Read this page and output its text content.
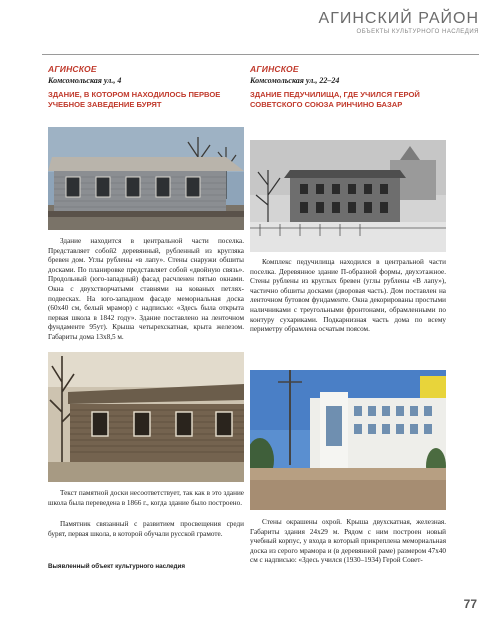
АГИНСКИЙ РАЙОН
ОБЪЕКТЫ КУЛЬТУРНОГО НАСЛЕДИЯ
АГИНСКОЕ
Комсомольская ул., 4
ЗДАНИЕ, В КОТОРОМ НАХОДИЛОСЬ ПЕРВОЕ УЧЕБНОЕ ЗАВЕДЕНИЕ БУРЯТ
АГИНСКОЕ
Комсомольская ул., 22–24
ЗДАНИЕ ПЕДУЧИЛИЩА, ГДЕ УЧИЛСЯ ГЕРОЙ СОВЕТСКОГО СОЮЗА РИНЧИНО БАЗАР

Здание находится в центральной части поселка. Представляет собой2 деревянный, рубленный из кругляка бревен дом. Углы рублены «в лапу». Стены снаружи обшиты досками. По планировке представляет собой «двойную связь». Продольный (юго-западный) фасад расчленен пятью окнами. Окна с двухстворчатыми ставнями на кованых петлях-подвесках. На юго-западном фасаде мемориальная доска (60х40 см, белый мрамор) с надписью: «Здесь была открыта первая школа в 1842 году». Здание поставлено на ленточном фундаменте 95ут). Крыша четырехскатная, крыта железом. Габариты дома 13х8,5 м.

Комплекс педучилища находился в центральной части поселка. Деревянное здание П-образной формы, двухэтажное. Стены рублены из круглых бревен (углы рублены «В лапу»), частично обшиты досками (дворовая часть). Дом поставлен на ленточном бутовом фундаменте. Окна декорированы простыми наличниками с треугольными фронтонами, обрамленными по контуру сухариками. Подкарнизная часть дома по всему периметру обрамлена осчатым поясом.

Текст памятной доски несоответствует, так как в это здание школа была переведена в 1866 г., когда здание было построено.

Памятник связанный с развитием просвещения среди бурят, первая школа, в которой обучали русской грамоте.

Стены окрашены охрой. Крыша двухскатная, железная. Габариты здания 24х29 м. Рядом с ним построен новый учебный корпус, у входа в который прикреплена мемориальная доска из серого мрамора и (в деревянной раме) размером 47х40 см с надписью: «Здесь учился (1930–1934) Герой Совет-

Выявленный объект культурного наследия
77
